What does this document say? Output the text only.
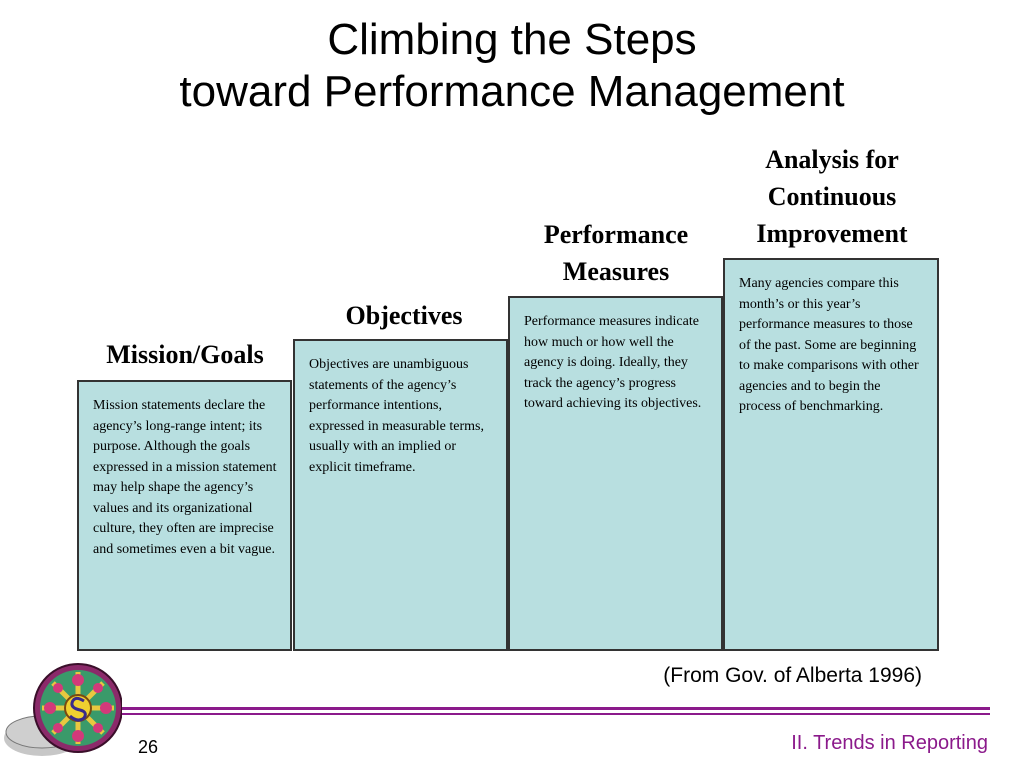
Climbing the Steps
toward Performance Management
Mission/Goals
Mission statements declare the agency’s long-range intent; its purpose. Although the goals expressed in a mission statement may help shape the agency’s values and its organizational culture, they often are imprecise and sometimes even a bit vague.
Objectives
Objectives are unambiguous statements of the agency’s performance intentions, expressed in measurable terms, usually with an implied or explicit timeframe.
Performance
Measures
Performance measures indicate how much or how well the agency is doing. Ideally, they track the agency’s progress toward achieving its objectives.
Analysis for
Continuous
Improvement
Many agencies compare this month’s or this year’s performance measures to those of the past. Some are beginning to make comparisons with other agencies and to begin the process of benchmarking.
(From Gov. of Alberta 1996)
26	II. Trends in Reporting
